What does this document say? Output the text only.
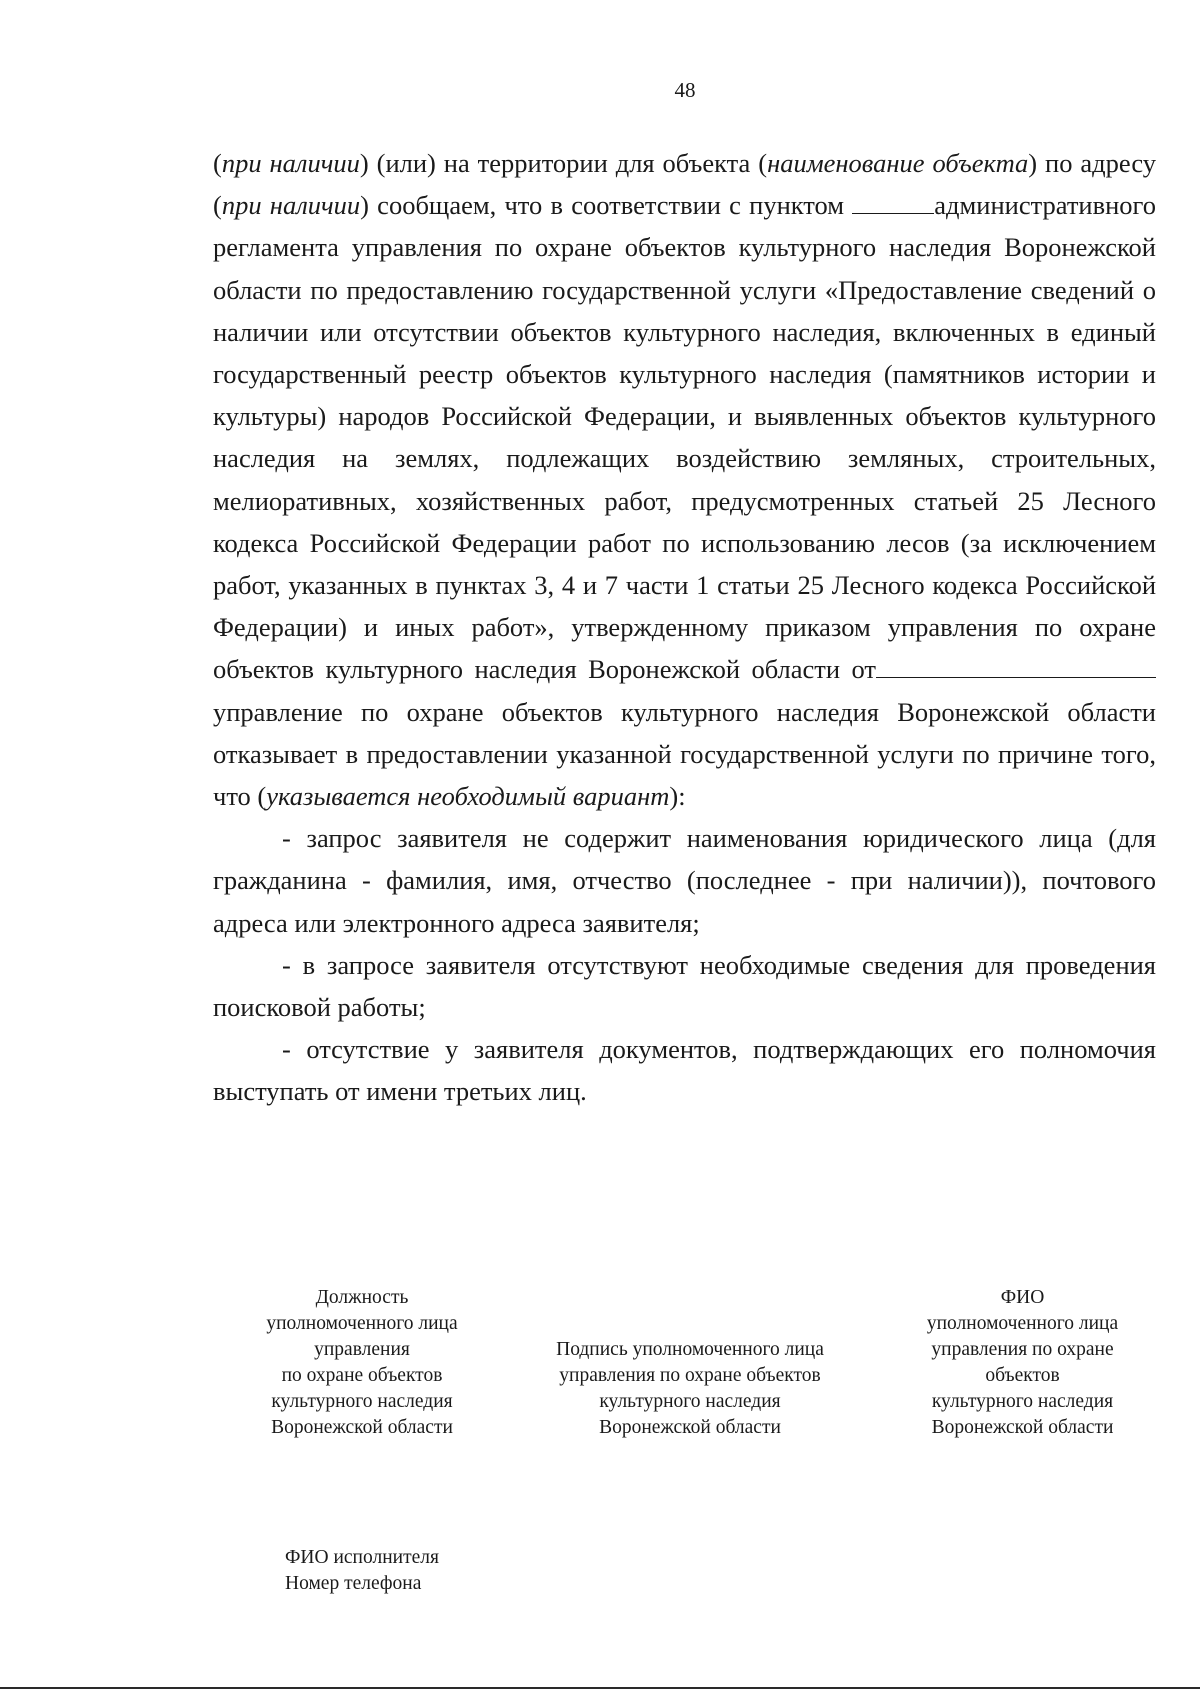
48

(при наличии) (или) на территории для объекта (наименование объекта) по адресу (при наличии) сообщаем, что в соответствии с пунктом	административного регламента управления по охране объектов культурного наследия Воронежской области по предоставлению государственной услуги «Предоставление сведений о наличии или отсутствии объектов культурного наследия, включенных в единый государственный реестр объектов культурного наследия (памятников истории и культуры) народов Российской Федерации, и выявленных объектов культурного наследия на землях, подлежащих воздействию земляных, строительных, мелиоративных, хозяйственных работ, предусмотренных статьей 25 Лесного кодекса Российской Федерации работ по использованию лесов (за исключением работ, указанных в пунктах 3, 4 и 7 части 1 статьи 25 Лесного кодекса Российской Федерации) и иных работ», утвержденному приказом управления по охране объектов культурного наследия Воронежской области от управление по охране объектов культурного наследия Воронежской области отказывает в предоставлении указанной государственной услуги по причине того, что (указывается необходимый вариант):

- запрос заявителя не содержит наименования юридического лица (для гражданина - фамилия, имя, отчество (последнее - при наличии)), почтового адреса или электронного адреса заявителя;

- в запросе заявителя отсутствуют необходимые сведения для проведения поисковой работы;

- отсутствие у заявителя документов, подтверждающих его полномочия выступать от имени третьих лиц.

Должность
уполномоченного лица
управления
по охране объектов
культурного наследия
Воронежской области
Подпись уполномоченного лица
управления по охране объектов
культурного наследия
Воронежской области
ФИО
уполномоченного лица
управления по охране
объектов
культурного наследия
Воронежской области
ФИО исполнителя
Номер телефона
